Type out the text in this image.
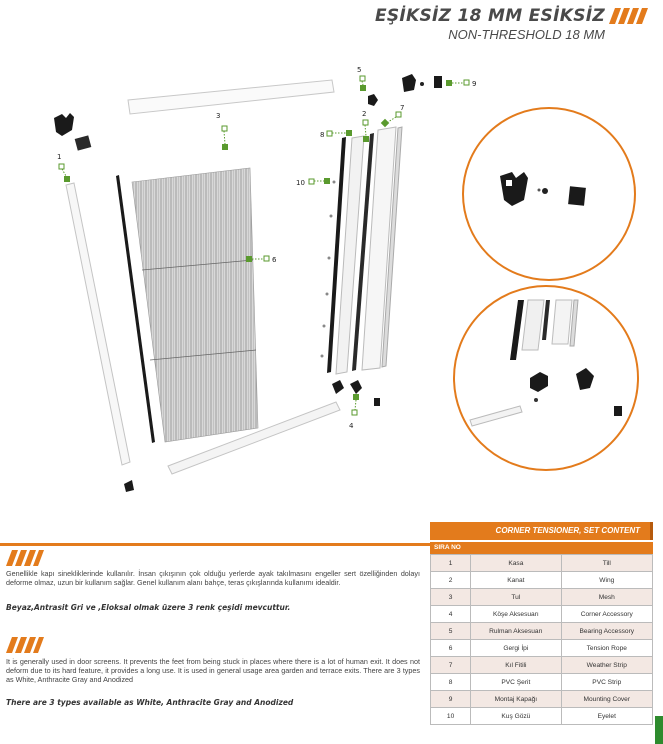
EŞİKSİZ 18 MM ESİKSİZ
NON-THRESHOLD 18 MM
1
3
6
5
9
7
2
8
10
4
Genellikle kapı sinekliklerinde kullanılır. İnsan çıkışının çok olduğu yerlerde ayak takılmasını engeller sert özelliğinden dolayı deforme olmaz, uzun bir kullanım sağlar. Genel kullanım alanı bahçe, teras çıkışlarında kullanımı idealdir.
Beyaz,Antrasit Gri ve ,Eloksal olmak üzere 3 renk çeşidi mevcuttur.
It is generally used in door screens. It prevents the feet from being stuck in places where there is a lot of human exit. It does not deform due to its hard feature, it provides a long use. It is used in general usage area garden and terrace exits. There are 3 types as White, Anthracite Gray and Anodized
There are 3 types available as White, Anthracite Gray and Anodized
CORNER TENSIONER, SET CONTENT
SIRA NO
1	Kasa	Till
2	Kanat	Wing
3	Tul	Mesh
4	Köşe Aksesuarı	Corner Accessory
5	Rulman Aksesuarı	Bearing Accessory
6	Gergi İpi	Tension Rope
7	Kıl Fitili	Weather Strip
8	PVC Şerit	PVC Strip
9	Montaj Kapağı	Mounting Cover
10	Kuş Gözü	Eyelet
